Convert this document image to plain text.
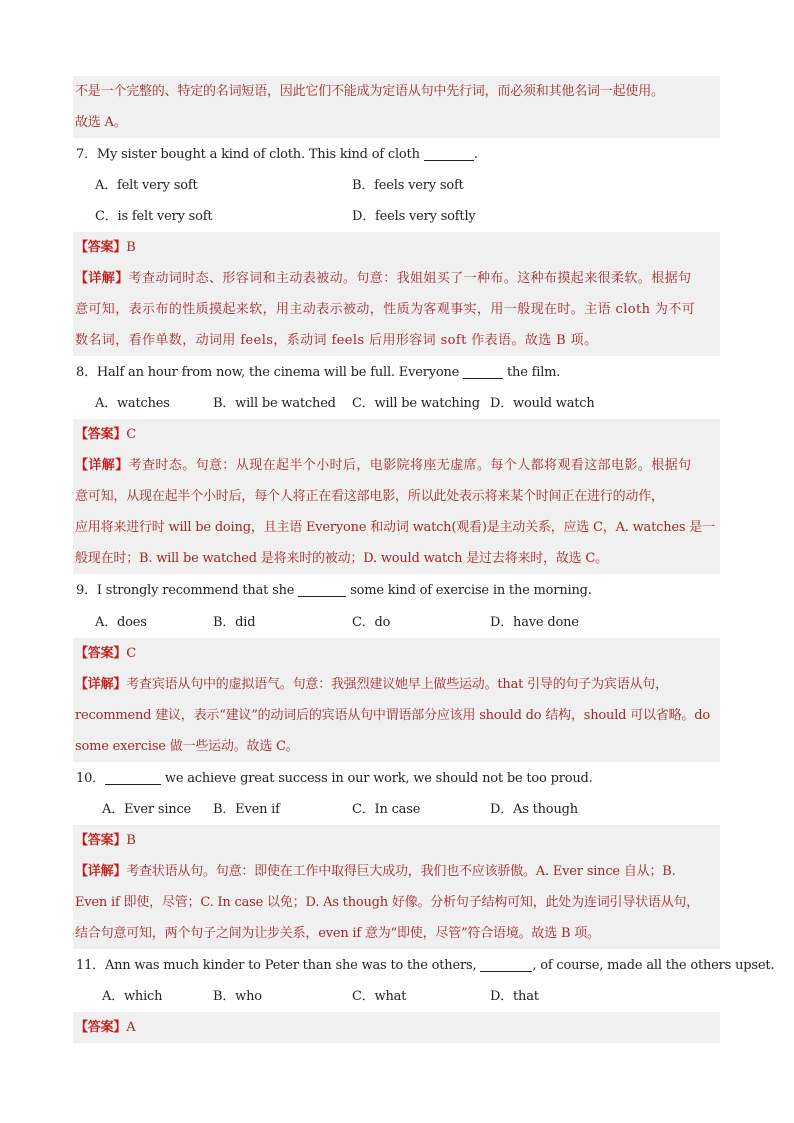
不是一个完整的、特定的名词短语，因此它们不能成为定语从句中先行词，而必须和其他名词一起使用。
故选 A。
7．My sister bought a kind of cloth. This kind of cloth	.
A．felt very soft	B．feels very soft
C．is felt very soft	D．feels very softly
【答案】B
【详解】考查动词时态、形容词和主动表被动。句意：我姐姐买了一种布。这种布摸起来很柔软。根据句
意可知，表示布的性质摸起来软，用主动表示被动，性质为客观事实，用一般现在时。主语 cloth 为不可
数名词，看作单数，动词用 feels，系动词 feels 后用形容词 soft 作表语。故选 B 项。
8．Half an hour from now, the cinema will be full. Everyone	the film.
A．watches	B．will be watched C．will be watching D．would watch
【答案】C
【详解】考查时态。句意：从现在起半个小时后，电影院将座无虚席。每个人都将观看这部电影。根据句
意可知，从现在起半个小时后，每个人将正在看这部电影，所以此处表示将来某个时间正在进行的动作，
应用将来进行时 will be doing，且主语 Everyone 和动词 watch(观看)是主动关系，应选 C，A. watches 是一
般现在时；B. will be watched 是将来时的被动；D. would watch 是过去将来时，故选 C。
9．I strongly recommend that she	some kind of exercise in the morning.
A．does	B．did	C．do	D．have done
【答案】C
【详解】考查宾语从句中的虚拟语气。句意：我强烈建议她早上做些运动。that 引导的句子为宾语从句，
recommend 建议，表示“建议”的动词后的宾语从句中谓语部分应该用 should do 结构，should 可以省略。do
some exercise 做一些运动。故选 C。
10．	we achieve great success in our work, we should not be too proud.
A．Ever since B．Even if	C．In case	D．As though
【答案】B
【详解】考查状语从句。句意：即使在工作中取得巨大成功，我们也不应该骄傲。A. Ever since 自从；B.
Even if 即使，尽管；C. In case 以免；D. As though 好像。分析句子结构可知，此处为连词引导状语从句，
结合句意可知，两个句子之间为让步关系，even if 意为“即使，尽管”符合语境。故选 B 项。
11．Ann was much kinder to Peter than she was to the others,	, of course, made all the others upset.
A．which	B．who	C．what	D．that
【答案】A
